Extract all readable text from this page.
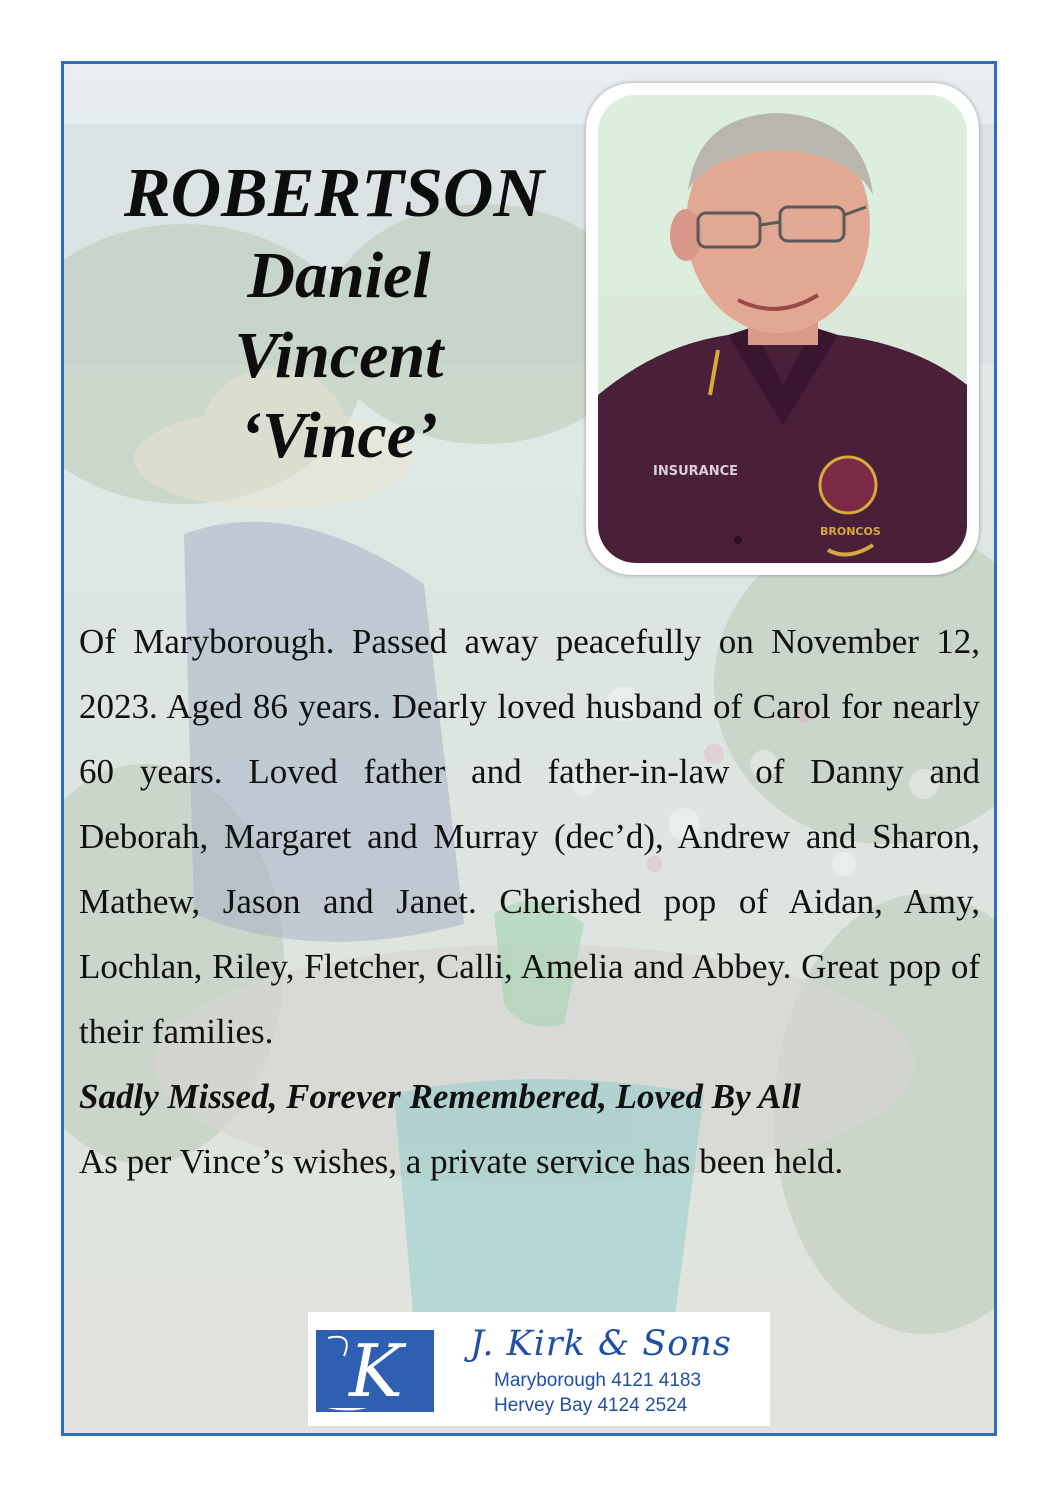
ROBERTSON
Daniel
Vincent
‘Vince’	INSURANCE
BRONCOS

Of Maryborough. Passed away peacefully on November 12, 2023. Aged 86 years. Dearly loved husband of Carol for nearly 60 years. Loved father and father-in-law of Danny and Deborah, Margaret and Murray (dec’d), Andrew and Sharon, Mathew, Jason and Janet. Cherished pop of Aidan, Amy, Lochlan, Riley, Fletcher, Calli, Amelia and Abbey. Great pop of their families.

Sadly Missed, Forever Remembered, Loved By All

As per Vince’s wishes, a private service has been held.

K J. Kirk & Sons
Maryborough 4121 4183
Hervey Bay 4124 2524
